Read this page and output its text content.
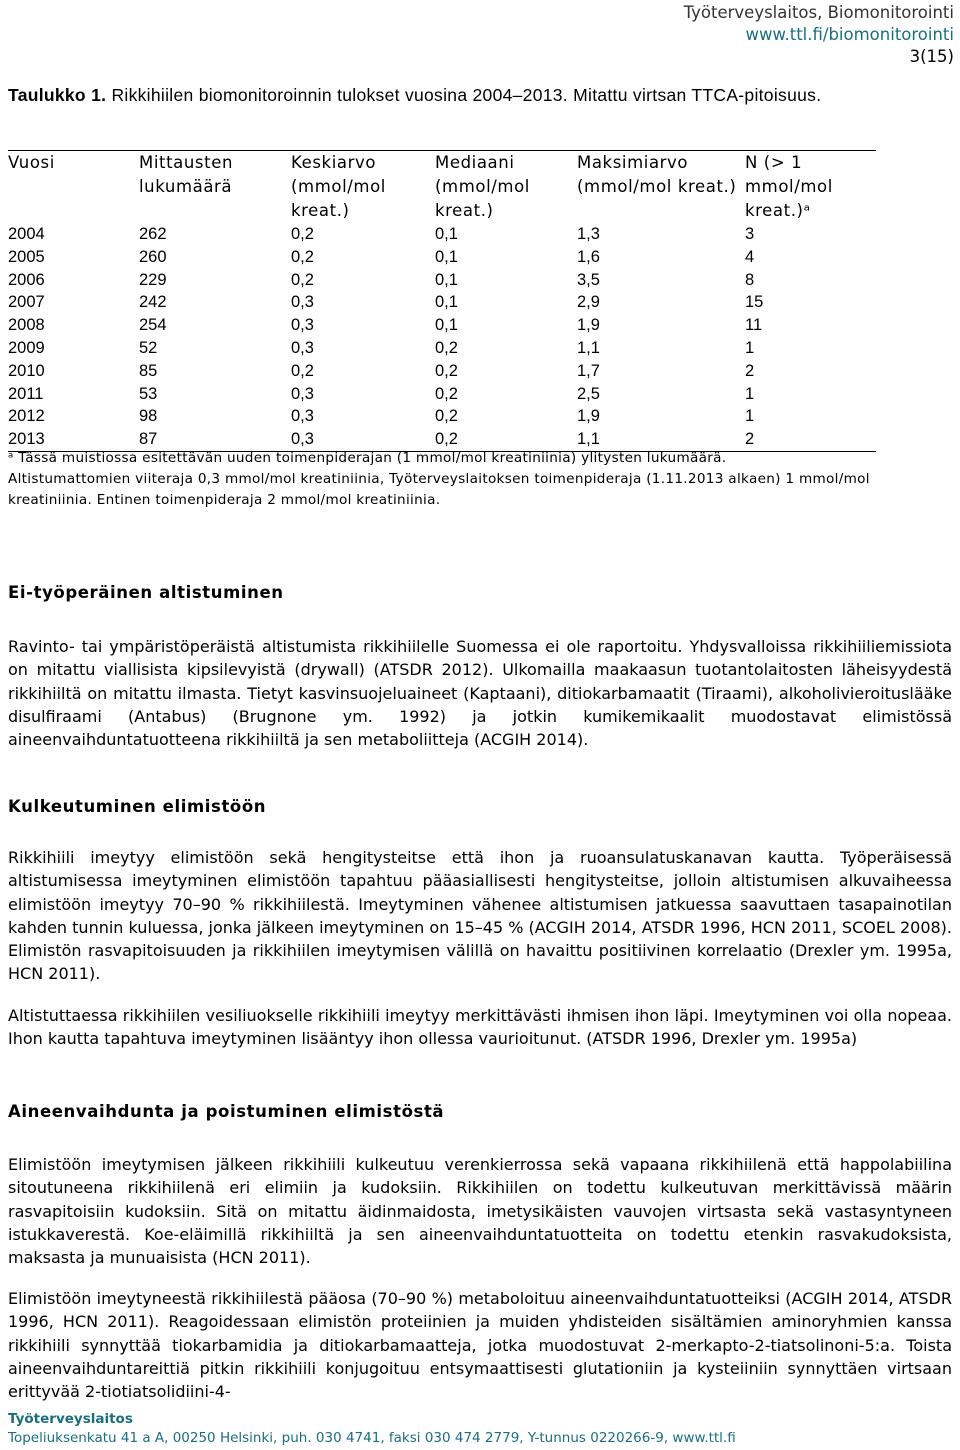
Työterveyslaitos, Biomonitorointi
www.ttl.fi/biomonitorointi
3(15)
Taulukko 1. Rikkihiilen biomonitoroinnin tulokset vuosina 2004–2013. Mitattu virtsan TTCA-pitoisuus.
Vuosi	Mittausten lukumäärä	Keskiarvo (mmol/mol kreat.)	Mediaani (mmol/mol kreat.)	Maksimiarvo (mmol/mol kreat.)	N (> 1 mmol/mol kreat.)ᵃ
2004	262	0,2	0,1	1,3	3
2005	260	0,2	0,1	1,6	4
2006	229	0,2	0,1	3,5	8
2007	242	0,3	0,1	2,9	15
2008	254	0,3	0,1	1,9	11
2009	52	0,3	0,2	1,1	1
2010	85	0,2	0,2	1,7	2
2011	53	0,3	0,2	2,5	1
2012	98	0,3	0,2	1,9	1
2013	87	0,3	0,2	1,1	2
ᵃ Tässä muistiossa esitettävän uuden toimenpiderajan (1 mmol/mol kreatiniinia) ylitysten lukumäärä.
Altistumattomien viiteraja 0,3 mmol/mol kreatiniinia, Työterveyslaitoksen toimenpideraja (1.11.2013 alkaen) 1 mmol/mol kreatiniinia. Entinen toimenpideraja 2 mmol/mol kreatiniinia.
Ei-työperäinen altistuminen
Ravinto- tai ympäristöperäistä altistumista rikkihiilelle Suomessa ei ole raportoitu. Yhdysvalloissa rikkihiiliemissiota on mitattu viallisista kipsilevyistä (drywall) (ATSDR 2012). Ulkomailla maakaasun tuotantolaitosten läheisyydestä rikkihiiltä on mitattu ilmasta. Tietyt kasvinsuojeluaineet (Kaptaani), ditiokarbamaatit (Tiraami), alkoholivieroituslääke disulfiraami (Antabus) (Brugnone ym. 1992) ja jotkin kumikemikaalit muodostavat elimistössä aineenvaihduntatuotteena rikkihiiltä ja sen metaboliitteja (ACGIH 2014).
Kulkeutuminen elimistöön
Rikkihiili imeytyy elimistöön sekä hengitysteitse että ihon ja ruoansulatuskanavan kautta. Työperäisessä altistumisessa imeytyminen elimistöön tapahtuu pääasiallisesti hengitysteitse, jolloin altistumisen alkuvaiheessa elimistöön imeytyy 70–90 % rikkihiilestä. Imeytyminen vähenee altistumisen jatkuessa saavuttaen tasapainotilan kahden tunnin kuluessa, jonka jälkeen imeytyminen on 15–45 % (ACGIH 2014, ATSDR 1996, HCN 2011, SCOEL 2008). Elimistön rasvapitoisuuden ja rikkihiilen imeytymisen välillä on havaittu positiivinen korrelaatio (Drexler ym. 1995a, HCN 2011).
Altistuttaessa rikkihiilen vesiliuokselle rikkihiili imeytyy merkittävästi ihmisen ihon läpi. Imeytyminen voi olla nopeaa. Ihon kautta tapahtuva imeytyminen lisääntyy ihon ollessa vaurioitunut. (ATSDR 1996, Drexler ym. 1995a)
Aineenvaihdunta ja poistuminen elimistöstä
Elimistöön imeytymisen jälkeen rikkihiili kulkeutuu verenkierrossa sekä vapaana rikkihiilenä että happolabiilina sitoutuneena rikkihiilenä eri elimiin ja kudoksiin. Rikkihiilen on todettu kulkeutuvan merkittävissä määrin rasvapitoisiin kudoksiin. Sitä on mitattu äidinmaidosta, imetysikäisten vauvojen virtsasta sekä vastasyntyneen istukkaverestä. Koe-eläimillä rikkihiiltä ja sen aineenvaihduntatuotteita on todettu etenkin rasvakudoksista, maksasta ja munuaisista (HCN 2011).
Elimistöön imeytyneestä rikkihiilestä pääosa (70–90 %) metaboloituu aineenvaihduntatuotteiksi (ACGIH 2014, ATSDR 1996, HCN 2011). Reagoidessaan elimistön proteiinien ja muiden yhdisteiden sisältämien aminoryhmien kanssa rikkihiili synnyttää tiokarbamidia ja ditiokarbamaatteja, jotka muodostuvat 2-merkapto-2-tiatsolinoni-5:a. Toista aineenvaihduntareittiä pitkin rikkihiili konjugoituu entsymaattisesti glutationiin ja kysteiiniin synnyttäen virtsaan erittyvää 2-tiotiatsolidiini-4-
Työterveyslaitos
Topeliuksenkatu 41 a A, 00250 Helsinki, puh. 030 4741, faksi 030 474 2779, Y-tunnus 0220266-9, www.ttl.fi
